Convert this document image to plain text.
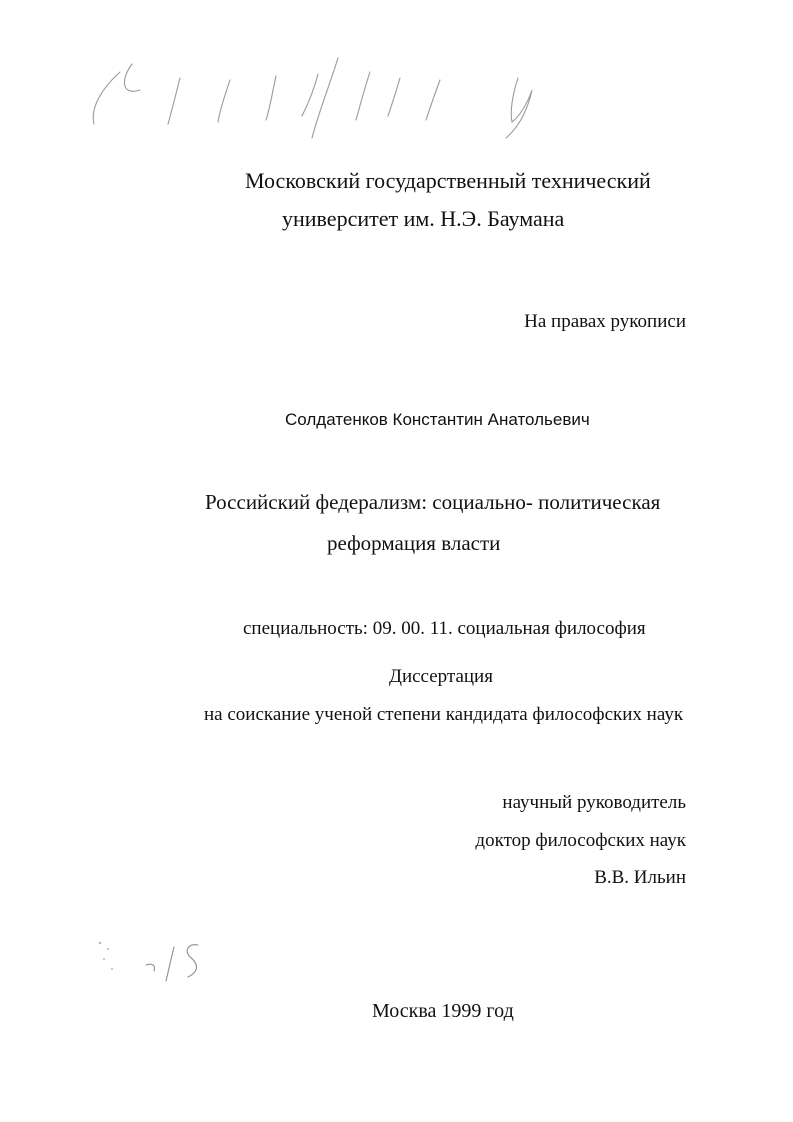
Московский государственный технический
университет им. Н.Э. Баумана
На правах рукописи
Солдатенков Константин Анатольевич
Российский федерализм: социально- политическая
реформация власти
специальность: 09. 00. 11. социальная философия
Диссертация
на соискание ученой степени кандидата философских наук
научный руководитель
доктор философских наук
В.В. Ильин
Москва 1999 год
